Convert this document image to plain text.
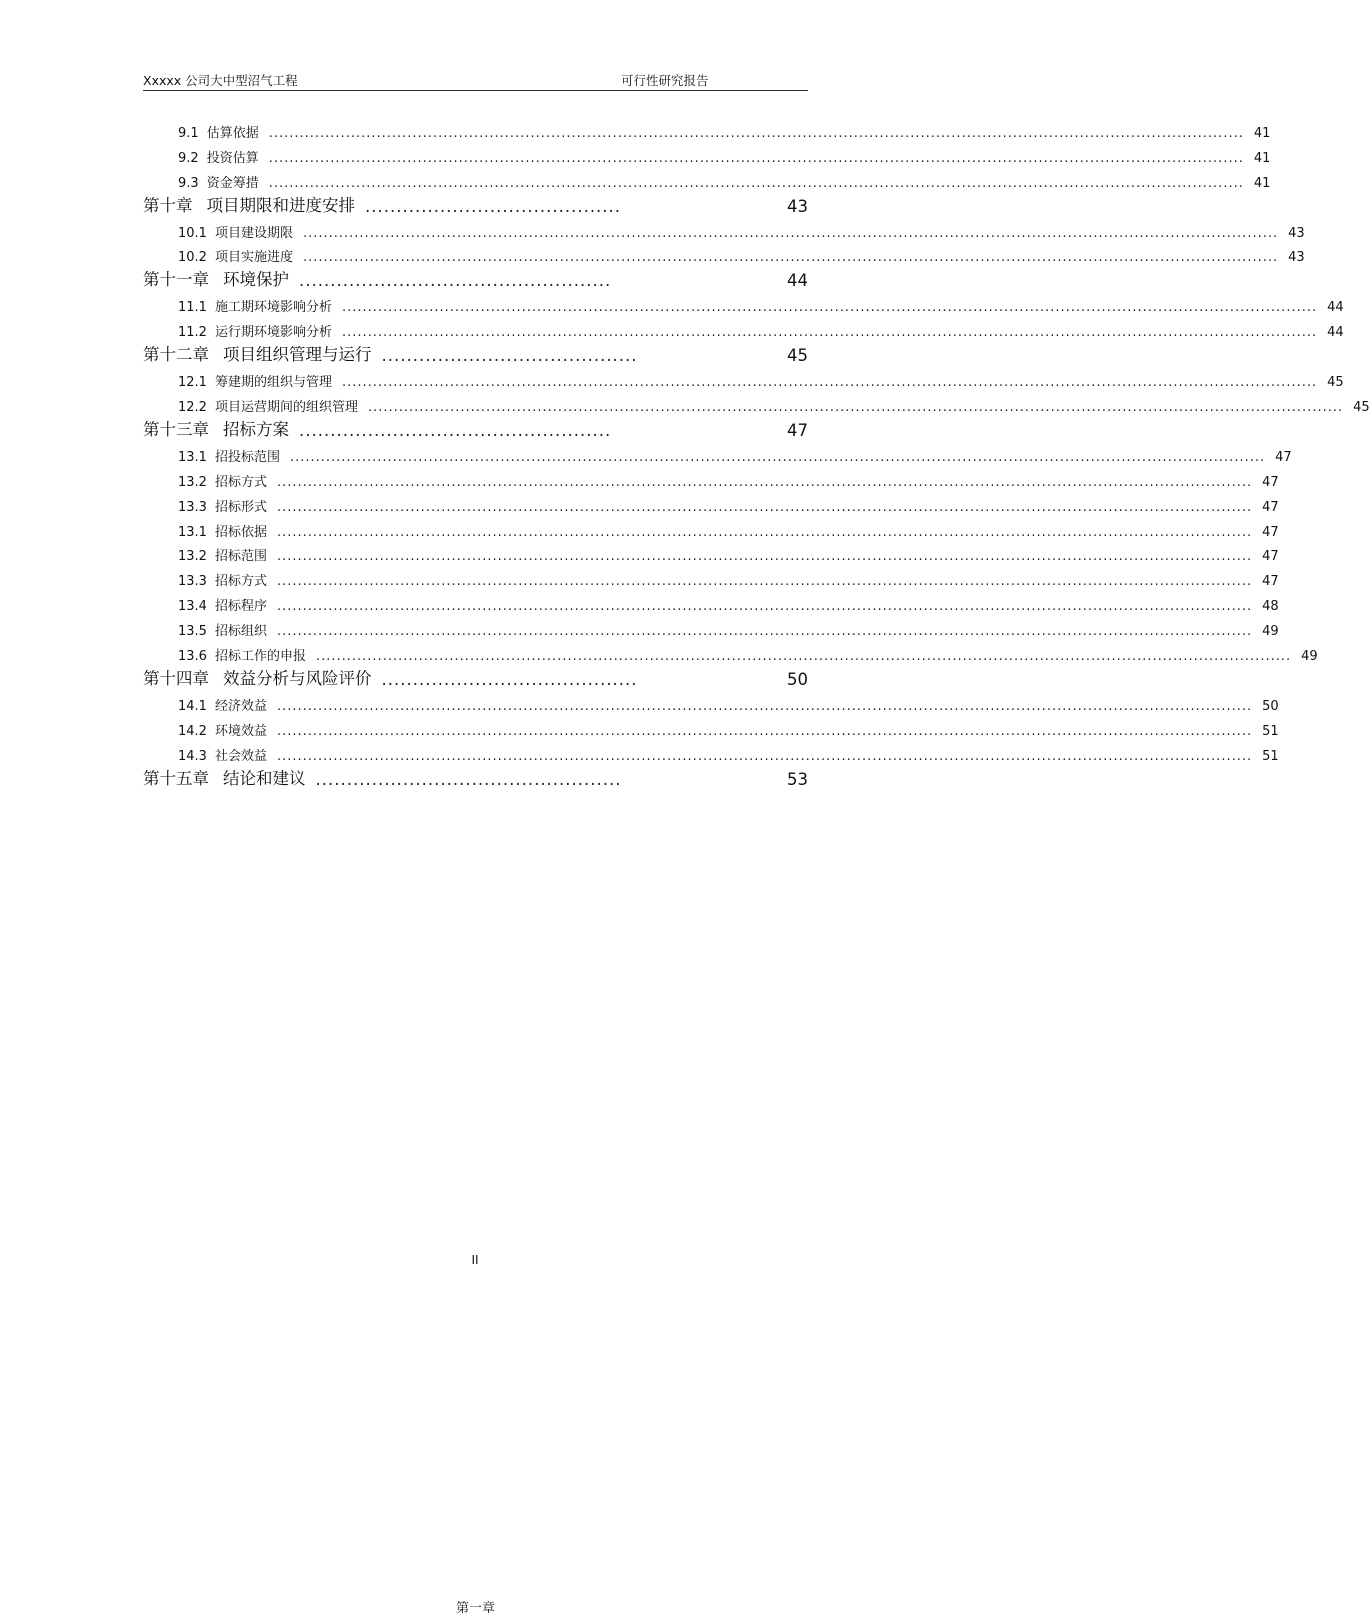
Xxxxx 公司大中型沼气工程	可行性研究报告
9.1 估算依据 .............................................................................................................................................................................................. 41
9.2 投资估算 .............................................................................................................................................................................................. 41
9.3 资金筹措 .............................................................................................................................................................................................. 41
第十章 项目期限和进度安排 .........................................	43
10.1 项目建设期限 .............................................................................................................................................................................................. 43
10.2 项目实施进度 .............................................................................................................................................................................................. 43
第十一章 环境保护 ..................................................	44
11.1 施工期环境影响分析 .............................................................................................................................................................................................. 44
11.2 运行期环境影响分析 .............................................................................................................................................................................................. 44
第十二章 项目组织管理与运行 .........................................	45
12.1 筹建期的组织与管理 .............................................................................................................................................................................................. 45
12.2 项目运营期间的组织管理 .............................................................................................................................................................................................. 45
第十三章 招标方案 ..................................................	47
13.1 招投标范围 .............................................................................................................................................................................................. 47
13.2 招标方式 .............................................................................................................................................................................................. 47
13.3 招标形式 .............................................................................................................................................................................................. 47
13.1 招标依据 .............................................................................................................................................................................................. 47
13.2 招标范围 .............................................................................................................................................................................................. 47
13.3 招标方式 .............................................................................................................................................................................................. 47
13.4 招标程序 .............................................................................................................................................................................................. 48
13.5 招标组织 .............................................................................................................................................................................................. 49
13.6 招标工作的申报 .............................................................................................................................................................................................. 49
第十四章 效益分析与风险评价 .........................................	50
14.1 经济效益 .............................................................................................................................................................................................. 50
14.2 环境效益 .............................................................................................................................................................................................. 51
14.3 社会效益 .............................................................................................................................................................................................. 51
第十五章 结论和建议 .................................................	53
第一章
II
